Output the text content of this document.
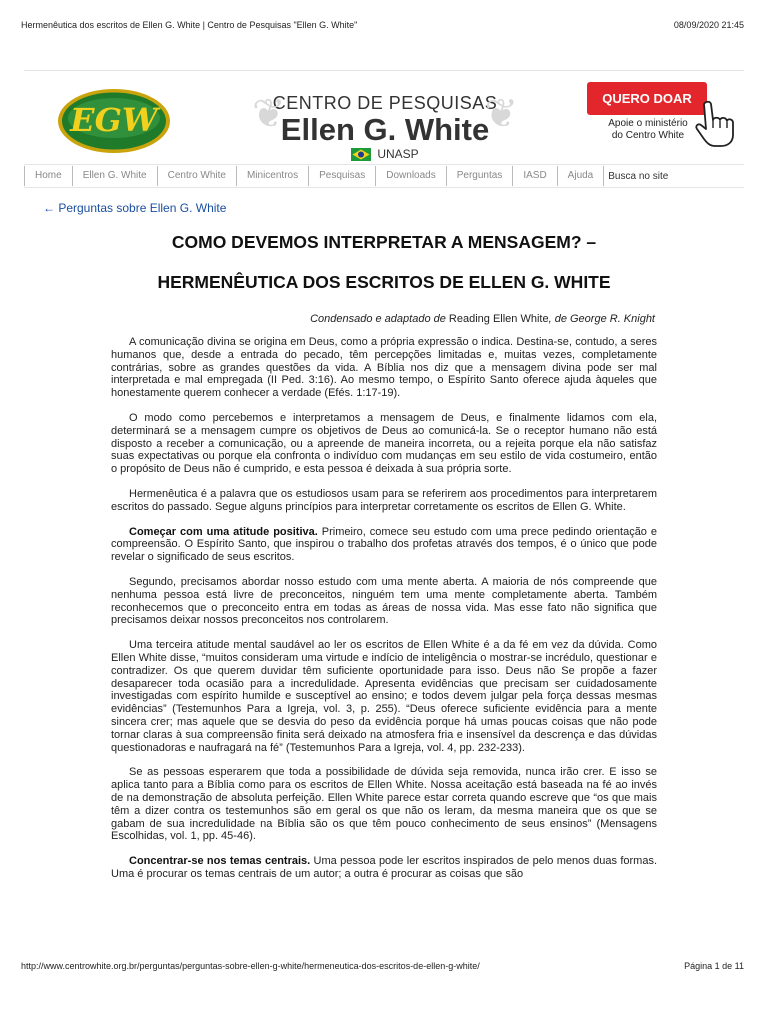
Hermenêutica dos escritos de Ellen G. White | Centro de Pesquisas "Ellen G. White"	08/09/2020 21:45
EGW ❦	❦
CENTRO DE PESQUISAS
Ellen G. White
UNASP
QUERO DOAR
Apoie o ministério
do Centro White
Home	Ellen G. White	Centro White	Minicentros	Pesquisas	Downloads	Perguntas	IASD	Ajuda	Busca no site
← Perguntas sobre Ellen G. White
COMO DEVEMOS INTERPRETAR A MENSAGEM? –
HERMENÊUTICA DOS ESCRITOS DE ELLEN G. WHITE
Condensado e adaptado de Reading Ellen White, de George R. Knight

A comunicação divina se origina em Deus, como a própria expressão o indica. Destina-se, contudo, a seres humanos que, desde a entrada do pecado, têm percepções limitadas e, muitas vezes, completamente contrárias, sobre as grandes questões da vida. A Bíblia nos diz que a mensagem divina pode ser mal interpretada e mal empregada (II Ped. 3:16). Ao mesmo tempo, o Espírito Santo oferece ajuda àqueles que honestamente querem conhecer a verdade (Efés. 1:17-19).

O modo como percebemos e interpretamos a mensagem de Deus, e finalmente lidamos com ela, determinará se a mensagem cumpre os objetivos de Deus ao comunicá-la. Se o receptor humano não está disposto a receber a comunicação, ou a apreende de maneira incorreta, ou a rejeita porque ela não satisfaz suas expectativas ou porque ela confronta o indivíduo com mudanças em seu estilo de vida costumeiro, então o propósito de Deus não é cumprido, e esta pessoa é deixada à sua própria sorte.

Hermenêutica é a palavra que os estudiosos usam para se referirem aos procedimentos para interpretarem escritos do passado. Segue alguns princípios para interpretar corretamente os escritos de Ellen G. White.

Começar com uma atitude positiva. Primeiro, comece seu estudo com uma prece pedindo orientação e compreensão. O Espírito Santo, que inspirou o trabalho dos profetas através dos tempos, é o único que pode revelar o significado de seus escritos.

Segundo, precisamos abordar nosso estudo com uma mente aberta. A maioria de nós compreende que nenhuma pessoa está livre de preconceitos, ninguém tem uma mente completamente aberta. Também reconhecemos que o preconceito entra em todas as áreas de nossa vida. Mas esse fato não significa que precisamos deixar nossos preconceitos nos controlarem.

Uma terceira atitude mental saudável ao ler os escritos de Ellen White é a da fé em vez da dúvida. Como Ellen White disse, “muitos consideram uma virtude e indício de inteligência o mostrar-se incrédulo, questionar e contradizer. Os que querem duvidar têm suficiente oportunidade para isso. Deus não Se propõe a fazer desaparecer toda ocasião para a incredulidade. Apresenta evidências que precisam ser cuidadosamente investigadas com espírito humilde e susceptível ao ensino; e todos devem julgar pela força dessas mesmas evidências” (Testemunhos Para a Igreja, vol. 3, p. 255). “Deus oferece suficiente evidência para a mente sincera crer; mas aquele que se desvia do peso da evidência porque há umas poucas coisas que não pode tornar claras à sua compreensão finita será deixado na atmosfera fria e insensível da descrença e das dúvidas questionadoras e naufragará na fé” (Testemunhos Para a Igreja, vol. 4, pp. 232-233).

Se as pessoas esperarem que toda a possibilidade de dúvida seja removida, nunca irão crer. E isso se aplica tanto para a Bíblia como para os escritos de Ellen White. Nossa aceitação está baseada na fé ao invés de na demonstração de absoluta perfeição. Ellen White parece estar correta quando escreve que “os que mais têm a dizer contra os testemunhos são em geral os que não os leram, da mesma maneira que os que se gabam de sua incredulidade na Bíblia são os que têm pouco conhecimento de seus ensinos” (Mensagens Escolhidas, vol. 1, pp. 45-46).

Concentrar-se nos temas centrais. Uma pessoa pode ler escritos inspirados de pelo menos duas formas. Uma é procurar os temas centrais de um autor; a outra é procurar as coisas que são

http://www.centrowhite.org.br/perguntas/perguntas-sobre-ellen-g-white/hermeneutica-dos-escritos-de-ellen-g-white/	Página 1 de 11
